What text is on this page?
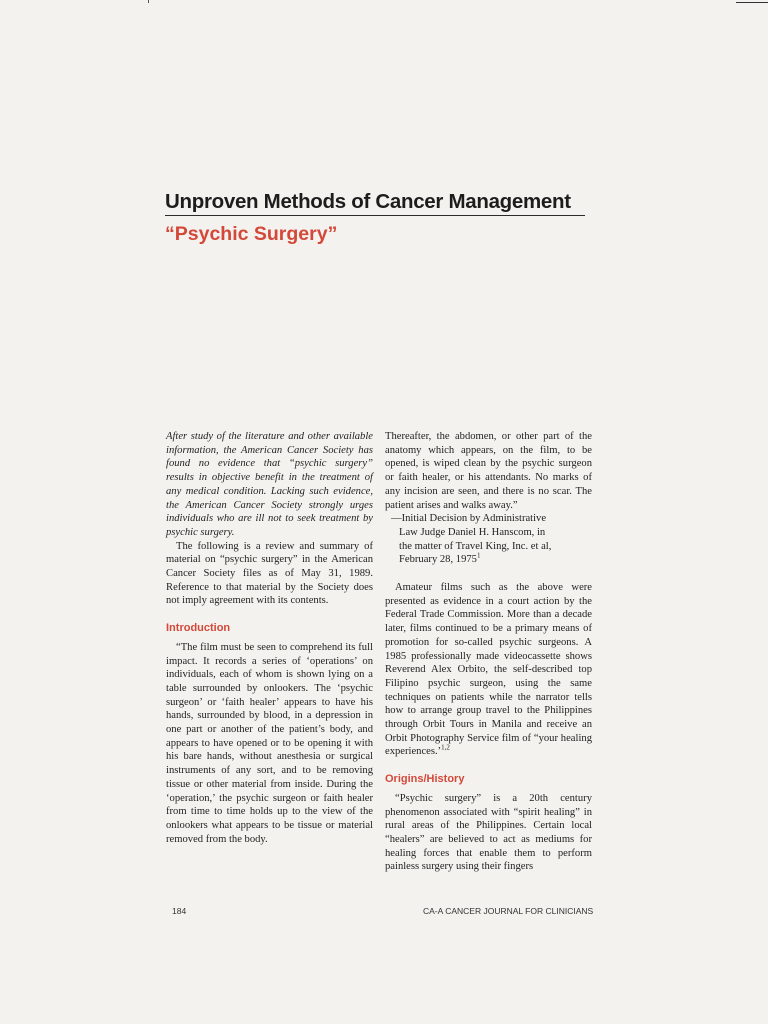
Unproven Methods of Cancer Management
“Psychic Surgery”

After study of the literature and other available information, the American Cancer Society has found no evidence that “psychic surgery” results in objective benefit in the treatment of any medical condition. Lacking such evidence, the American Cancer Society strongly urges individuals who are ill not to seek treatment by psychic surgery.

The following is a review and summary of material on “psychic surgery” in the American Cancer Society files as of May 31, 1989. Reference to that material by the Society does not imply agreement with its contents.

Introduction

“The film must be seen to comprehend its full impact. It records a series of ‘operations’ on individuals, each of whom is shown lying on a table surrounded by onlookers. The ‘psychic surgeon’ or ‘faith healer’ appears to have his hands, surrounded by blood, in a depression in one part or another of the patient’s body, and appears to have opened or to be opening it with his bare hands, without anesthesia or surgical instruments of any sort, and to be removing tissue or other material from inside. During the ‘operation,’ the psychic surgeon or faith healer from time to time holds up to the view of the onlookers what appears to be tissue or material removed from the body.

Thereafter, the abdomen, or other part of the anatomy which appears, on the film, to be opened, is wiped clean by the psychic surgeon or faith healer, or his attendants. No marks of any incision are seen, and there is no scar. The patient arises and walks away.”

—Initial Decision by Administrative

Law Judge Daniel H. Hanscom, in

the matter of Travel King, Inc. et al,

February 28, 1975$^1$

Amateur films such as the above were presented as evidence in a court action by the Federal Trade Commission. More than a decade later, films continued to be a primary means of promotion for so-called psychic surgeons. A 1985 professionally made videocassette shows Reverend Alex Orbito, the self-described top Filipino psychic surgeon, using the same techniques on patients while the narrator tells how to arrange group travel to the Philippines through Orbit Tours in Manila and receive an Orbit Photography Service film of “your healing experiences.’$^{1,2}$

Origins/History

“Psychic surgery” is a 20th century phenomenon associated with “spirit healing” in rural areas of the Philippines. Certain local “healers” are believed to act as mediums for healing forces that enable them to perform painless surgery using their fingers

184	CA-A CANCER JOURNAL FOR CLINICIANS
